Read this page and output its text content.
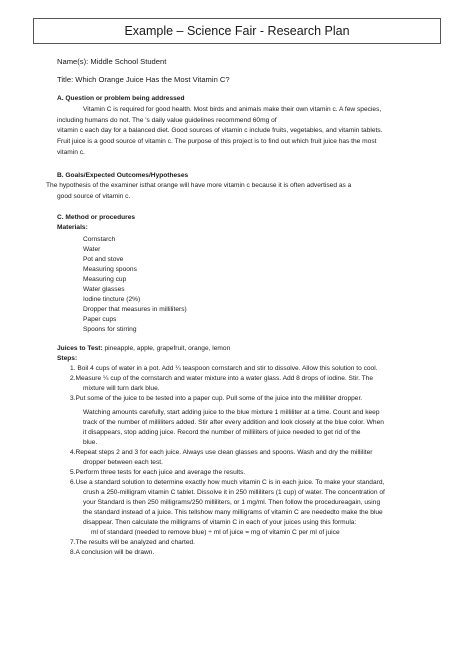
Example – Science Fair - Research Plan
Name(s): Middle School Student
Title: Which Orange Juice Has the Most Vitamin C?
A. Question or problem being addressed
Vitamin C is required for good health. Most birds and animals make their own vitamin c. A few species,
including humans do not. The 's daily value guidelines recommend 60mg of
vitamin c each day for a balanced diet. Good sources of vitamin c include fruits, vegetables, and vitamin tablets.
Fruit juice is a good source of vitamin c. The purpose of this project is to find out which fruit juice has the most
vitamin c.
B. Goals/Expected Outcomes/Hypotheses
The hypothesis of the examiner isthat orange will have more vitamin c because it is often advertised as a
good source of vitamin c.
C. Method or procedures
Materials:
Cornstarch
Water
Pot and stove
Measuring spoons
Measuring cup
Water glasses
Iodine tincture (2%)
Dropper that measures in milliliters)
Paper cups
Spoons for stirring
Juices to Test: pineapple, apple, grapefruit, orange, lemon
Steps:
1. Boil 4 cups of water in a pot. Add ¼ teaspoon cornstarch and stir to dissolve. Allow this solution to cool.
2.Measure ¼ cup of the cornstarch and water mixture into a water glass. Add 8 drops of iodine. Stir. The
mixture will turn dark blue.
3.Put some of the juice to be tested into a paper cup. Pull some of the juice into the milliliter dropper.
Watching amounts carefully, start adding juice to the blue mixture 1 milliliter at a time. Count and keep
track of the number of milliliters added. Stir after every addition and look closely at the blue color. When
it disappears, stop adding juice. Record the number of milliliters of juice needed to get rid of the
blue.
4.Repeat steps 2 and 3 for each juice. Always use clean glasses and spoons. Wash and dry the milliliter
dropper between each test.
5.Perform three tests for each juice and average the results.
6.Use a standard solution to determine exactly how much vitamin C is in each juice. To make your standard,
crush a 250-milligram vitamin C tablet. Dissolve it in 250 milliliters (1 cup) of water. The concentration of
your Standard is then 250 milligrams/250 milliliters, or 1 mg/ml. Then follow the procedureagain, using
the standard instead of a juice. This tellshow many milligrams of vitamin C are neededto make the blue
disappear. Then calculate the milligrams of vitamin C in each of your juices using this formula:
ml of standard (needed to remove blue) ÷ ml of juice = mg of vitamin C per ml of juice
7.The results will be analyzed and charted.
8.A conclusion will be drawn.
